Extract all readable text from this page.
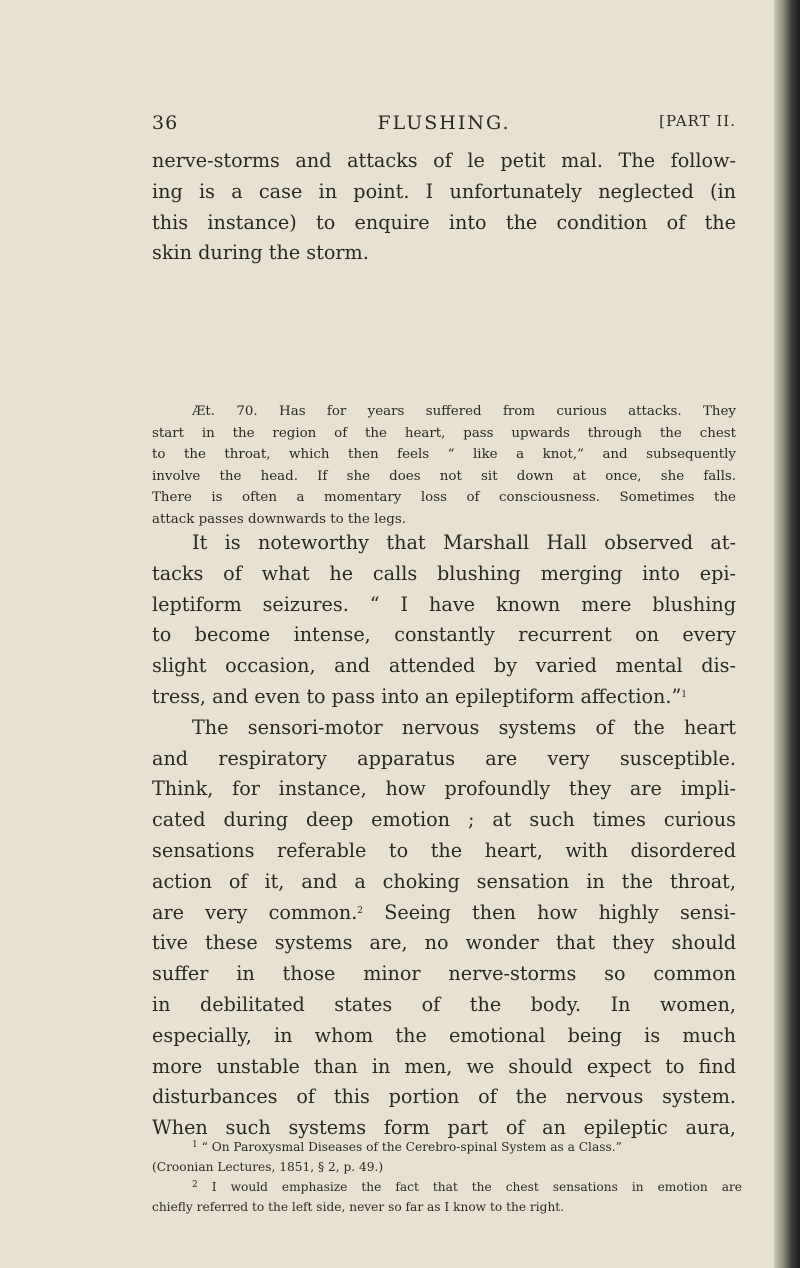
36	FLUSHING.	[PART II.
nerve-storms and attacks of le petit mal. The follow-
ing is a case in point. I unfortunately neglected (in
this instance) to enquire into the condition of the
skin during the storm.
Æt. 70. Has for years suffered from curious attacks. They
start in the region of the heart, pass upwards through the chest
to the throat, which then feels “ like a knot,” and subsequently
involve the head. If she does not sit down at once, she falls.
There is often a momentary loss of consciousness. Sometimes the
attack passes downwards to the legs.
It is noteworthy that Marshall Hall observed at-
tacks of what he calls blushing merging into epi-
leptiform seizures. “ I have known mere blushing
to become intense, constantly recurrent on every
slight occasion, and attended by varied mental dis-
tress, and even to pass into an epileptiform affection.”$^1$
The sensori-motor nervous systems of the heart
and respiratory apparatus are very susceptible.
Think, for instance, how profoundly they are impli-
cated during deep emotion ; at such times curious
sensations referable to the heart, with disordered
action of it, and a choking sensation in the throat,
are very common.$^2$ Seeing then how highly sensi-
tive these systems are, no wonder that they should
suffer in those minor nerve-storms so common
in debilitated states of the body. In women,
especially, in whom the emotional being is much
more unstable than in men, we should expect to find
disturbances of this portion of the nervous system.
When such systems form part of an epileptic aura,
$^1$ “ On Paroxysmal Diseases of the Cerebro-spinal System as a Class.”
(Croonian Lectures, 1851, § 2, p. 49.)
$^2$ I would emphasize the fact that the chest sensations in emotion are
chiefly referred to the left side, never so far as I know to the right.
